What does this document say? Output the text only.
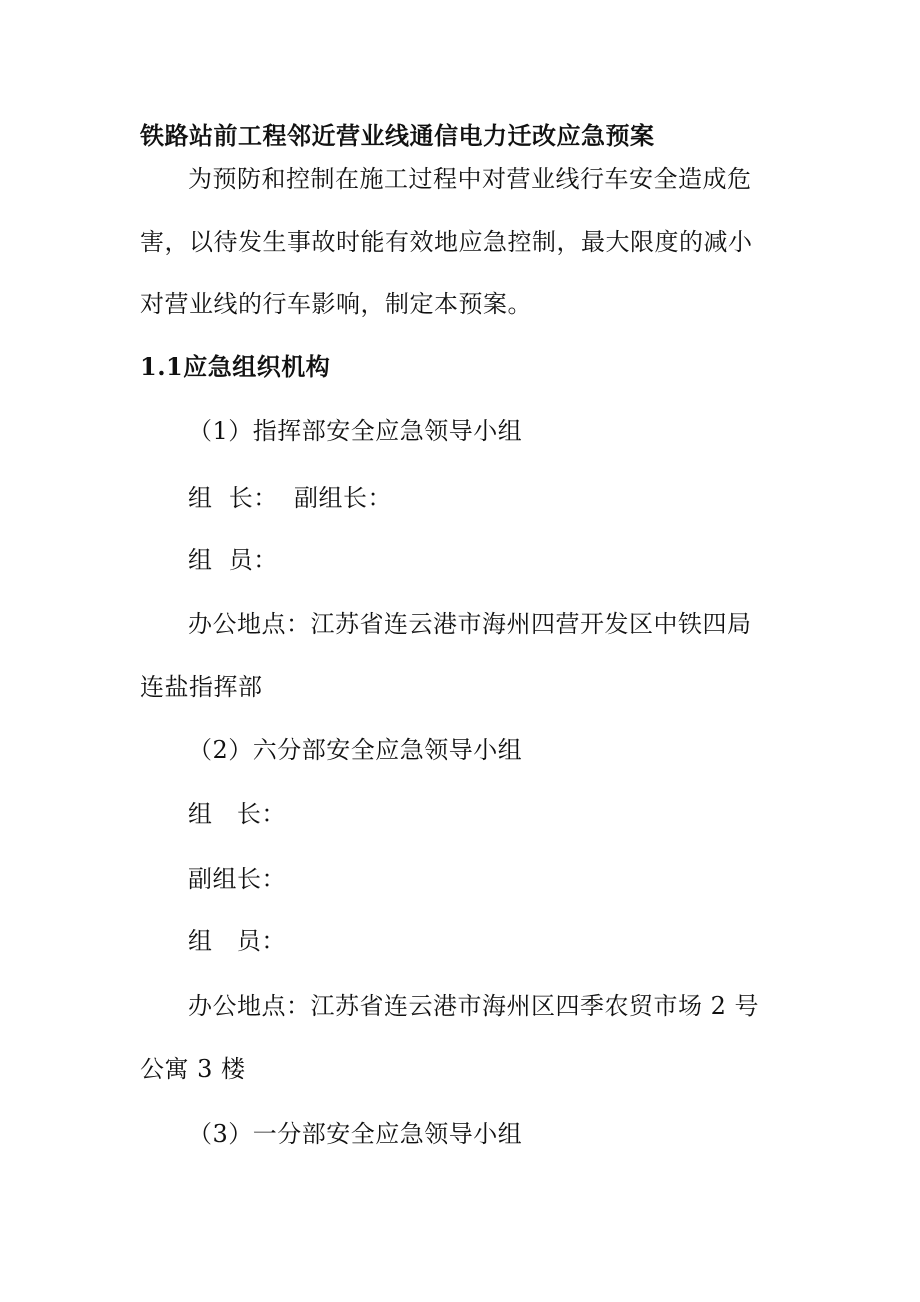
铁路站前工程邻近营业线通信电力迁改应急预案
为预防和控制在施工过程中对营业线行车安全造成危
害，以待发生事故时能有效地应急控制，最大限度的减小
对营业线的行车影响，制定本预案。
1.1应急组织机构
（1）指挥部安全应急领导小组
组  长：  副组长：
组  员：
办公地点：江苏省连云港市海州四营开发区中铁四局
连盐指挥部
（2）六分部安全应急领导小组
组   长：
副组长：
组   员：
办公地点：江苏省连云港市海州区四季农贸市场 2 号
公寓 3 楼
（3）一分部安全应急领导小组
